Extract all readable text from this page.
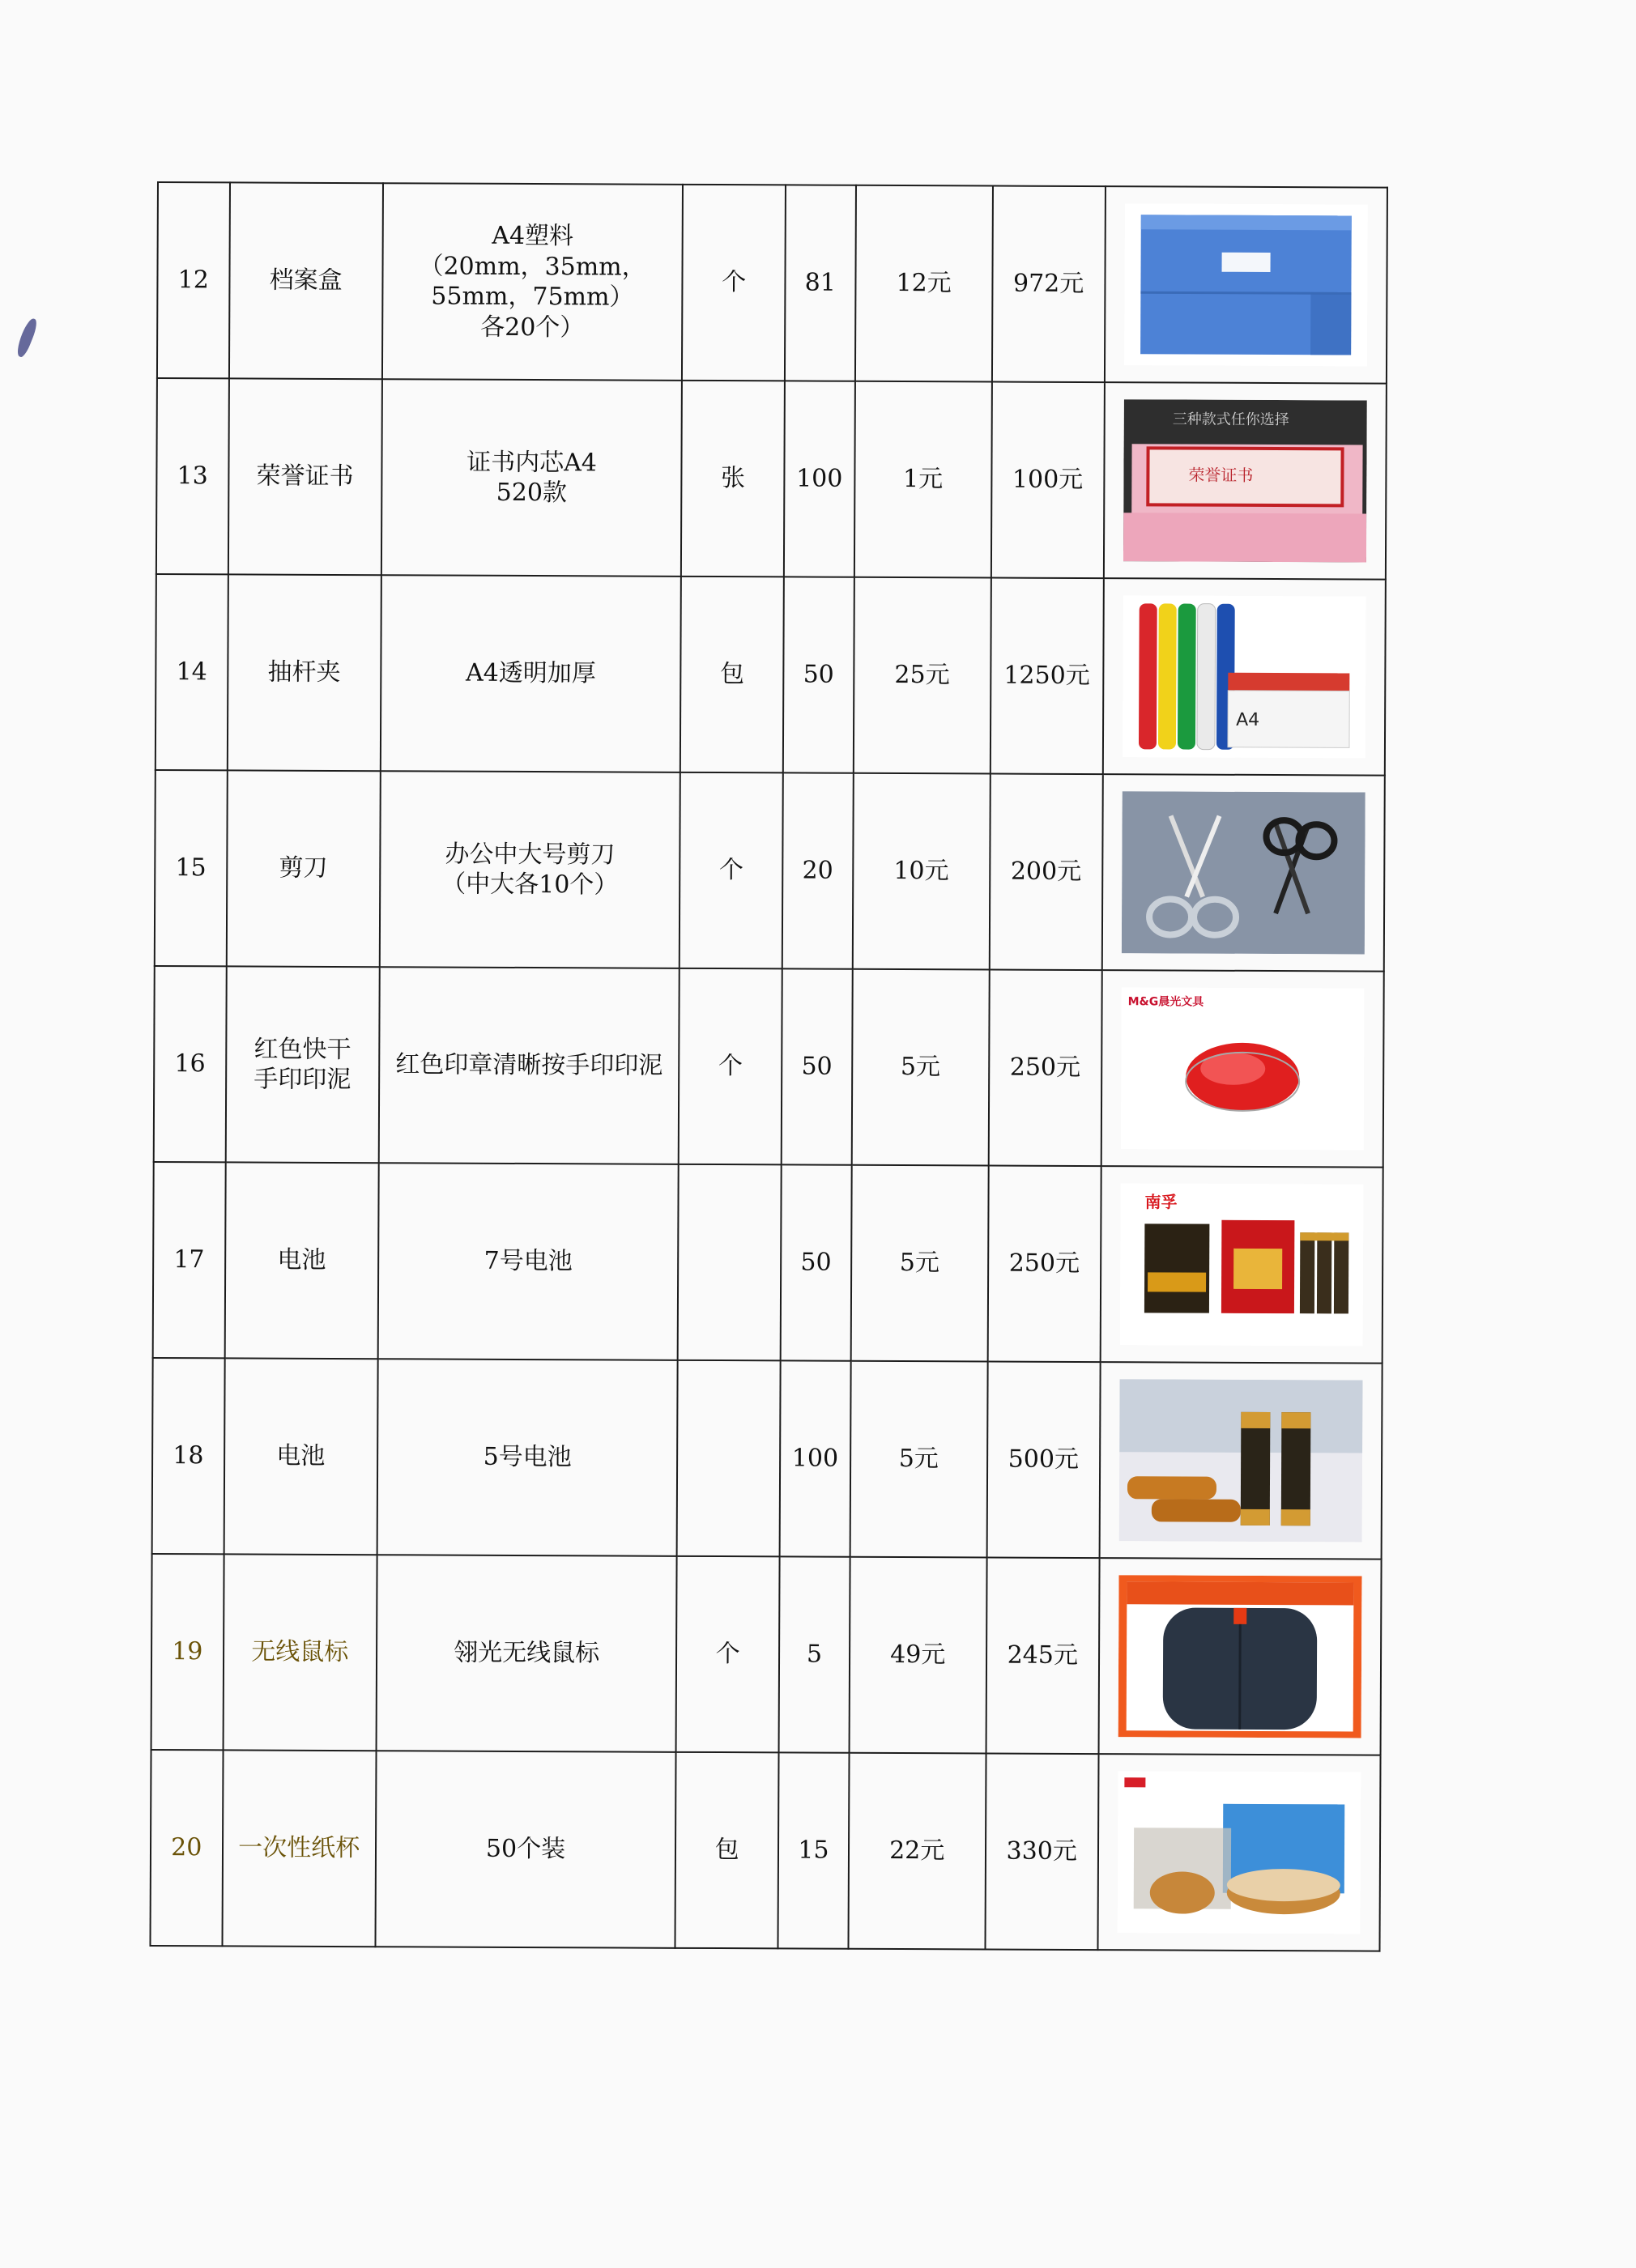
12	档案盒	A4塑料
（20mm，35mm，55mm，75mm）
各20个）	个	81	12元	972元	

13	荣誉证书	证书内芯A4
520款	张	100	1元	100元	三种款式任你选择
荣誉证书

14	抽杆夹	A4透明加厚	包	50	25元	1250元	A4

15	剪刀	办公中大号剪刀
（中大各10个）	个	20	10元	200元	

16	红色快干
手印印泥	红色印章清晰按手印印泥	个	50	5元	250元	M&G晨光文具

17	电池	7号电池		50	5元	250元	南孚

18	电池	5号电池		100	5元	500元	

19	无线鼠标	翎光无线鼠标	个	5	49元	245元	

20	一次性纸杯	50个装	包	15	22元	330元	
